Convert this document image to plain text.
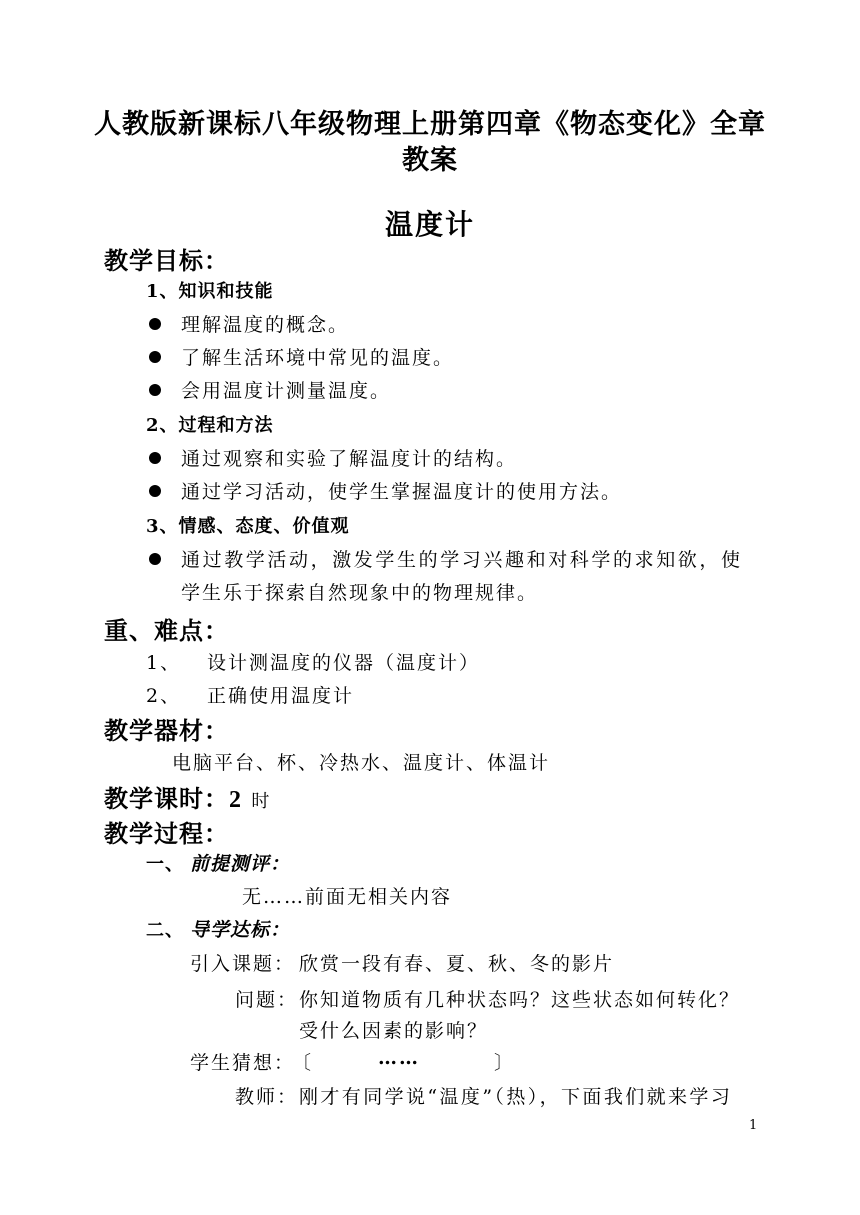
人教版新课标八年级物理上册第四章《物态变化》全章
教案
温度计
教学目标：
1、知识和技能
理解温度的概念。
了解生活环境中常见的温度。
会用温度计测量温度。
2、过程和方法
通过观察和实验了解温度计的结构。
通过学习活动，使学生掌握温度计的使用方法。
3、情感、态度、价值观
通过教学活动，激发学生的学习兴趣和对科学的求知欲，使
学生乐于探索自然现象中的物理规律。
重、难点：
1、 设计测温度的仪器（温度计）
2、 正确使用温度计
教学器材：
电脑平台、杯、冷热水、温度计、体温计
教学课时：2 时
教学过程：
一、 前提测评：
无……前面无相关内容
二、 导学达标：
引入课题： 欣赏一段有春、夏、秋、冬的影片
问题： 你知道物质有几种状态吗？这些状态如何转化？
受什么因素的影响？
学生猜想：
〔	……	〕
教师： 刚才有同学说“温度”（热），下面我们就来学习
1
